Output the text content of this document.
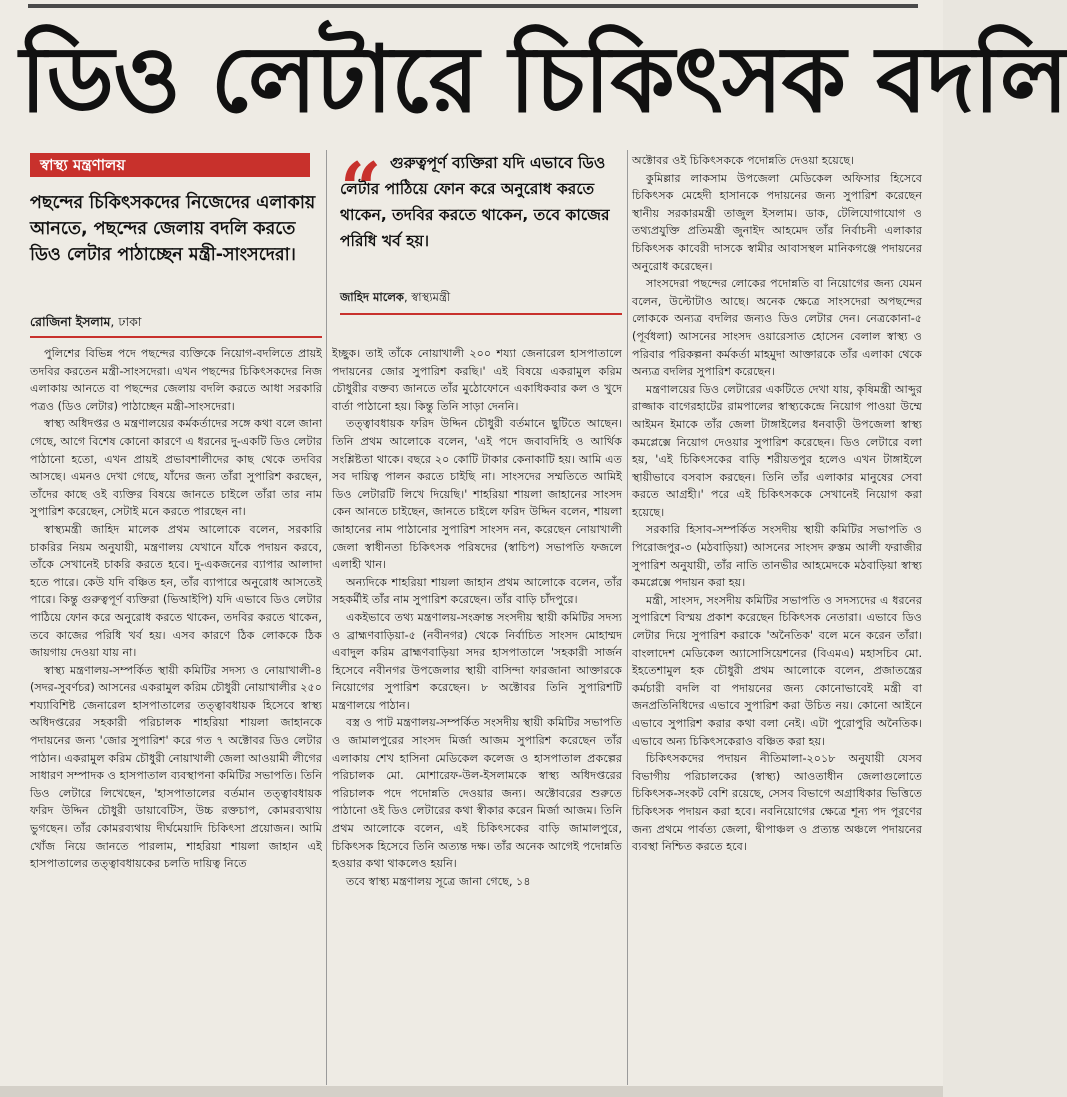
ডিও লেটারে চিকিৎসক বদলি
স্বাস্থ্য মন্ত্রণালয়
পছন্দের চিকিৎসকদের নিজেদের এলাকায় আনতে, পছন্দের জেলায় বদলি করতে ডিও লেটার পাঠাচ্ছেন মন্ত্রী-সাংসদেরা।
রোজিনা ইসলাম, ঢাকা
“ গুরুত্বপূর্ণ ব্যক্তিরা যদি এভাবে ডিও লেটার পাঠিয়ে ফোন করে অনুরোধ করতে থাকেন, তদবির করতে থাকেন, তবে কাজের পরিধি খর্ব হয়।
জাহিদ মালেক, স্বাস্থ্যমন্ত্রী

পুলিশের বিভিন্ন পদে পছন্দের ব্যক্তিকে নিয়োগ-বদলিতে প্রায়ই তদবির করতেন মন্ত্রী-সাংসদেরা। এখন পছন্দের চিকিৎসকদের নিজ এলাকায় আনতে বা পছন্দের জেলায় বদলি করতে আধা সরকারি পত্রও (ডিও লেটার) পাঠাচ্ছেন মন্ত্রী-সাংসদেরা।

স্বাস্থ্য অধিদপ্তর ও মন্ত্রণালয়ের কর্মকর্তাদের সঙ্গে কথা বলে জানা গেছে, আগে বিশেষ কোনো কারণে এ ধরনের দু-একটি ডিও লেটার পাঠানো হতো, এখন প্রায়ই প্রভাবশালীদের কাছ থেকে তদবির আসছে। এমনও দেখা গেছে, যাঁদের জন্য তাঁরা সুপারিশ করছেন, তাঁদের কাছে ওই ব্যক্তির বিষয়ে জানতে চাইলে তাঁরা তার নাম সুপারিশ করেছেন, সেটাই মনে করতে পারছেন না।

স্বাস্থ্যমন্ত্রী জাহিদ মালেক প্রথম আলোকে বলেন, সরকারি চাকরির নিয়ম অনুযায়ী, মন্ত্রণালয় যেখানে যাঁকে পদায়ন করবে, তাঁকে সেখানেই চাকরি করতে হবে। দু-একজনের ব্যাপার আলাদা হতে পারে। কেউ যদি বঞ্চিত হন, তাঁর ব্যাপারে অনুরোধ আসতেই পারে। কিন্তু গুরুত্বপূর্ণ ব্যক্তিরা (ভিআইপি) যদি এভাবে ডিও লেটার পাঠিয়ে ফোন করে অনুরোধ করতে থাকেন, তদবির করতে থাকেন, তবে কাজের পরিধি খর্ব হয়। এসব কারণে ঠিক লোককে ঠিক জায়গায় দেওয়া যায় না।

স্বাস্থ্য মন্ত্রণালয়-সম্পর্কিত স্থায়ী কমিটির সদস্য ও নোয়াখালী-৪ (সদর-সুবর্ণচর) আসনের একরামুল করিম চৌধুরী নোয়াখালীর ২৫০ শয্যাবিশিষ্ট জেনারেল হাসপাতালের তত্ত্বাবধায়ক হিসেবে স্বাস্থ্য অধিদপ্তরের সহকারী পরিচালক শাহরিয়া শায়লা জাহানকে পদায়নের জন্য 'জোর সুপারিশ' করে গত ৭ অক্টোবর ডিও লেটার পাঠান। একরামুল করিম চৌধুরী নোয়াখালী জেলা আওয়ামী লীগের সাধারণ সম্পাদক ও হাসপাতাল ব্যবস্থাপনা কমিটির সভাপতি। তিনি ডিও লেটারে লিখেছেন, 'হাসপাতালের বর্তমান তত্ত্বাবধায়ক ফরিদ উদ্দিন চৌধুরী ডায়াবেটিস, উচ্চ রক্তচাপ, কোমরব্যথায় ভুগছেন। তাঁর কোমরব্যথায় দীর্ঘমেয়াদি চিকিৎসা প্রয়োজন। আমি খোঁজ নিয়ে জানতে পারলাম, শাহরিয়া শায়লা জাহান এই হাসপাতালের তত্ত্বাবধায়কের চলতি দায়িত্ব নিতে

ইচ্ছুক। তাই তাঁকে নোয়াখালী ২০০ শয্যা জেনারেল হাসপাতালে পদায়নের জোর সুপারিশ করছি।' এই বিষয়ে একরামুল করিম চৌধুরীর বক্তব্য জানতে তাঁর মুঠোফোনে একাধিকবার কল ও খুদে বার্তা পাঠানো হয়। কিন্তু তিনি সাড়া দেননি।

তত্ত্বাবধায়ক ফরিদ উদ্দিন চৌধুরী বর্তমানে ছুটিতে আছেন। তিনি প্রথম আলোকে বলেন, 'এই পদে জবাবদিহি ও আর্থিক সংশ্লিষ্টতা থাকে। বছরে ২০ কোটি টাকার কেনাকাটি হয়। আমি এত সব দায়িত্ব পালন করতে চাইছি না। সাংসদের সম্মতিতে আমিই ডিও লেটারটি লিখে দিয়েছি।' শাহরিয়া শায়লা জাহানের সাংসদ কেন আনতে চাইছেন, জানতে চাইলে ফরিদ উদ্দিন বলেন, শায়লা জাহানের নাম পাঠানোর সুপারিশ সাংসদ নন, করেছেন নোয়াখালী জেলা স্বাধীনতা চিকিৎসক পরিষদের (স্বাচিপ) সভাপতি ফজলে এলাহী খান।

অন্যদিকে শাহরিয়া শায়লা জাহান প্রথম আলোকে বলেন, তাঁর সহকর্মীই তাঁর নাম সুপারিশ করেছেন। তাঁর বাড়ি চাঁদপুরে।

একইভাবে তথ্য মন্ত্রণালয়-সংক্রান্ত সংসদীয় স্থায়ী কমিটির সদস্য ও ব্রাহ্মণবাড়িয়া-৫ (নবীনগর) থেকে নির্বাচিত সাংসদ মোহাম্মদ এবাদুল করিম ব্রাহ্মণবাড়িয়া সদর হাসপাতালে 'সহকারী সার্জন হিসেবে নবীনগর উপজেলার স্থায়ী বাসিন্দা ফারজানা আক্তারকে নিয়োগের সুপারিশ করেছেন। ৮ অক্টোবর তিনি সুপারিশটি মন্ত্রণালয়ে পাঠান।

বস্ত্র ও পাট মন্ত্রণালয়-সম্পর্কিত সংসদীয় স্থায়ী কমিটির সভাপতি ও জামালপুরের সাংসদ মির্জা আজম সুপারিশ করেছেন তাঁর এলাকায় শেখ হাসিনা মেডিকেল কলেজ ও হাসপাতাল প্রকল্পের পরিচালক মো. মোশারেফ-উল-ইসলামকে স্বাস্থ্য অধিদপ্তরের পরিচালক পদে পদোন্নতি দেওয়ার জন্য। অক্টোবরের শুরুতে পাঠানো ওই ডিও লেটারের কথা স্বীকার করেন মির্জা আজম। তিনি প্রথম আলোকে বলেন, এই চিকিৎসকের বাড়ি জামালপুরে, চিকিৎসক হিসেবে তিনি অত্যন্ত দক্ষ। তাঁর অনেক আগেই পদোন্নতি হওয়ার কথা থাকলেও হয়নি।

তবে স্বাস্থ্য মন্ত্রণালয় সূত্রে জানা গেছে, ১৪

অক্টোবর ওই চিকিৎসককে পদোন্নতি দেওয়া হয়েছে।

কুমিল্লার লাকসাম উপজেলা মেডিকেল অফিসার হিসেবে চিকিৎসক মেহেদী হাসানকে পদায়নের জন্য সুপারিশ করেছেন স্থানীয় সরকারমন্ত্রী তাজুল ইসলাম। ডাক, টেলিযোগাযোগ ও তথ্যপ্রযুক্তি প্রতিমন্ত্রী জুনাইদ আহমেদ তাঁর নির্বাচনী এলাকার চিকিৎসক কাবেরী দাসকে স্বামীর আবাসস্থল মানিকগঞ্জে পদায়নের অনুরোধ করেছেন।

সাংসদেরা পছন্দের লোকের পদোন্নতি বা নিয়োগের জন্য যেমন বলেন, উল্টোটাও আছে। অনেক ক্ষেত্রে সাংসদেরা অপছন্দের লোককে অন্যত্র বদলির জন্যও ডিও লেটার দেন। নেত্রকোনা-৫ (পূর্বধলা) আসনের সাংসদ ওয়ারেসাত হোসেন বেলাল স্বাস্থ্য ও পরিবার পরিকল্পনা কর্মকর্তা মাহমুদা আক্তারকে তাঁর এলাকা থেকে অন্যত্র বদলির সুপারিশ করেছেন।

মন্ত্রণালয়ের ডিও লেটারের একটিতে দেখা যায়, কৃষিমন্ত্রী আব্দুর রাজ্জাক বাগেরহাটের রামপালের স্বাস্থ্যকেন্দ্রে নিয়োগ পাওয়া উম্মে আইমন ইমাকে তাঁর জেলা টাঙ্গাইলের ধনবাড়ী উপজেলা স্বাস্থ্য কমপ্লেক্সে নিয়োগ দেওয়ার সুপারিশ করেছেন। ডিও লেটারে বলা হয়, 'এই চিকিৎসকের বাড়ি শরীয়তপুর হলেও এখন টাঙ্গাইলে স্থায়ীভাবে বসবাস করছেন। তিনি তাঁর এলাকার মানুষের সেবা করতে আগ্রহী।' পরে এই চিকিৎসককে সেখানেই নিয়োগ করা হয়েছে।

সরকারি হিসাব-সম্পর্কিত সংসদীয় স্থায়ী কমিটির সভাপতি ও পিরোজপুর-৩ (মঠবাড়িয়া) আসনের সাংসদ রুস্তম আলী ফরাজীর সুপারিশ অনুযায়ী, তাঁর নাতি তানভীর আহমেদকে মঠবাড়িয়া স্বাস্থ্য কমপ্লেক্সে পদায়ন করা হয়।

মন্ত্রী, সাংসদ, সংসদীয় কমিটির সভাপতি ও সদস্যদের এ ধরনের সুপারিশে বিস্ময় প্রকাশ করেছেন চিকিৎসক নেতারা। এভাবে ডিও লেটার দিয়ে সুপারিশ করাকে 'অনৈতিক' বলে মনে করেন তাঁরা। বাংলাদেশ মেডিকেল অ্যাসোসিয়েশনের (বিএমএ) মহাসচিব মো. ইহতেশামুল হক চৌধুরী প্রথম আলোকে বলেন, প্রজাতন্ত্রের কর্মচারী বদলি বা পদায়নের জন্য কোনোভাবেই মন্ত্রী বা জনপ্রতিনিধিদের এভাবে সুপারিশ করা উচিত নয়। কোনো আইনে এভাবে সুপারিশ করার কথা বলা নেই। এটা পুরোপুরি অনৈতিক। এভাবে অন্য চিকিৎসকেরাও বঞ্চিত করা হয়।

চিকিৎসকদের পদায়ন নীতিমালা-২০১৮ অনুযায়ী যেসব বিভাগীয় পরিচালকের (স্বাস্থ্য) আওতাধীন জেলাগুলোতে চিকিৎসক-সংকট বেশি রয়েছে, সেসব বিভাগে অগ্রাধিকার ভিত্তিতে চিকিৎসক পদায়ন করা হবে। নবনিয়োগের ক্ষেত্রে শূন্য পদ পূরণের জন্য প্রথমে পার্বত্য জেলা, দ্বীপাঞ্চল ও প্রত্যন্ত অঞ্চলে পদায়নের ব্যবস্থা নিশ্চিত করতে হবে।
